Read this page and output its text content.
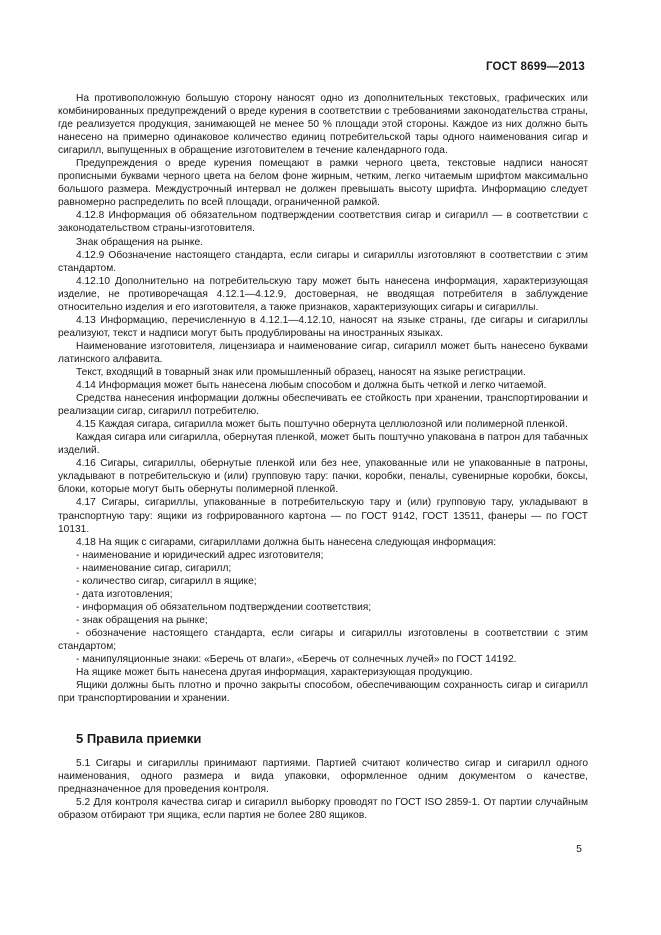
ГОСТ 8699—2013

На противоположную большую сторону наносят одно из дополнительных текстовых, графических или комбинированных предупреждений о вреде курения в соответствии с требованиями законодательства страны, где реализуется продукция, занимающей не менее 50 % площади этой стороны. Каждое из них должно быть нанесено на примерно одинаковое количество единиц потребительской тары одного наименования сигар и сигарилл, выпущенных в обращение изготовителем в течение календарного года.

Предупреждения о вреде курения помещают в рамки черного цвета, текстовые надписи наносят прописными буквами черного цвета на белом фоне жирным, четким, легко читаемым шрифтом максимально большого размера. Междустрочный интервал не должен превышать высоту шрифта. Информацию следует равномерно распределить по всей площади, ограниченной рамкой.

4.12.8 Информация об обязательном подтверждении соответствия сигар и сигарилл — в соответствии с законодательством страны-изготовителя.

Знак обращения на рынке.

4.12.9 Обозначение настоящего стандарта, если сигары и сигариллы изготовляют в соответствии с этим стандартом.

4.12.10 Дополнительно на потребительскую тару может быть нанесена информация, характеризующая изделие, не противоречащая 4.12.1—4.12.9, достоверная, не вводящая потребителя в заблуждение относительно изделия и его изготовителя, а также признаков, характеризующих сигары и сигариллы.

4.13 Информацию, перечисленную в 4.12.1—4.12.10, наносят на языке страны, где сигары и сигариллы реализуют, текст и надписи могут быть продублированы на иностранных языках.

Наименование изготовителя, лицензиара и наименование сигар, сигарилл может быть нанесено буквами латинского алфавита.

Текст, входящий в товарный знак или промышленный образец, наносят на языке регистрации.

4.14 Информация может быть нанесена любым способом и должна быть четкой и легко читаемой.

Средства нанесения информации должны обеспечивать ее стойкость при хранении, транспортировании и реализации сигар, сигарилл потребителю.

4.15 Каждая сигара, сигарилла может быть поштучно обернута целлюлозной или полимерной пленкой.

Каждая сигара или сигарилла, обернутая пленкой, может быть поштучно упакована в патрон для табачных изделий.

4.16 Сигары, сигариллы, обернутые пленкой или без нее, упакованные или не упакованные в патроны, укладывают в потребительскую и (или) групповую тару: пачки, коробки, пеналы, сувенирные коробки, боксы, блоки, которые могут быть обернуты полимерной пленкой.

4.17 Сигары, сигариллы, упакованные в потребительскую тару и (или) групповую тару, укладывают в транспортную тару: ящики из гофрированного картона — по ГОСТ 9142, ГОСТ 13511, фанеры — по ГОСТ 10131.

4.18 На ящик с сигарами, сигариллами должна быть нанесена следующая информация:

- наименование и юридический адрес изготовителя;

- наименование сигар, сигарилл;

- количество сигар, сигарилл в ящике;

- дата изготовления;

- информация об обязательном подтверждении соответствия;

- знак обращения на рынке;

- обозначение настоящего стандарта, если сигары и сигариллы изготовлены в соответствии с этим стандартом;

- манипуляционные знаки: «Беречь от влаги», «Беречь от солнечных лучей» по ГОСТ 14192.

На ящике может быть нанесена другая информация, характеризующая продукцию.

Ящики должны быть плотно и прочно закрыты способом, обеспечивающим сохранность сигар и сигарилл при транспортировании и хранении.

5 Правила приемки

5.1 Сигары и сигариллы принимают партиями. Партией считают количество сигар и сигарилл одного наименования, одного размера и вида упаковки, оформленное одним документом о качестве, предназначенное для проведения контроля.

5.2 Для контроля качества сигар и сигарилл выборку проводят по ГОСТ ISO 2859-1. От партии случайным образом отбирают три ящика, если партия не более 280 ящиков.

5
